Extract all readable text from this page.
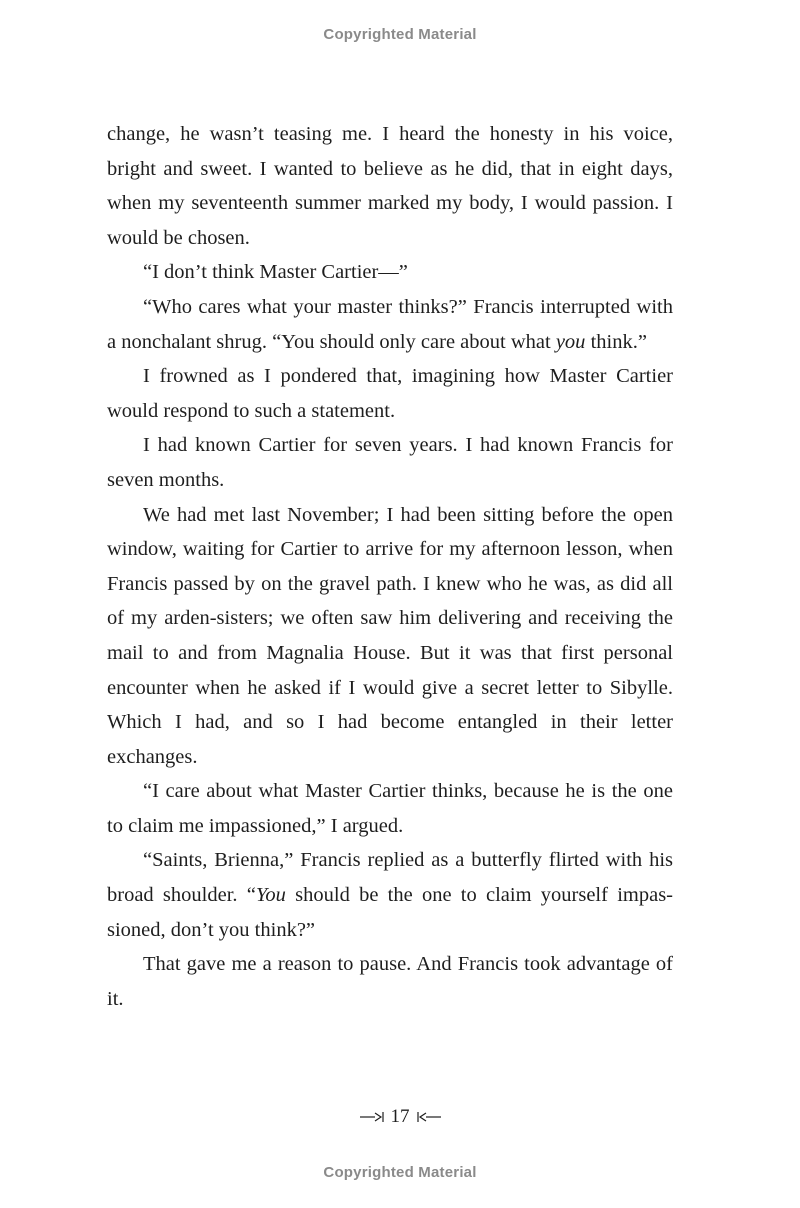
Copyrighted Material

change, he wasn’t teasing me. I heard the honesty in his voice, bright and sweet. I wanted to believe as he did, that in eight days, when my seventeenth summer marked my body, I would passion. I would be chosen.

“I don’t think Master Cartier—”

“Who cares what your master thinks?” Francis interrupted with a nonchalant shrug. “You should only care about what you think.”

I frowned as I pondered that, imagining how Master Cartier would respond to such a statement.

I had known Cartier for seven years. I had known Francis for seven months.

We had met last November; I had been sitting before the open window, waiting for Cartier to arrive for my afternoon lesson, when Francis passed by on the gravel path. I knew who he was, as did all of my arden-sisters; we often saw him delivering and receiving the mail to and from Magnalia House. But it was that first personal encounter when he asked if I would give a secret letter to Sibylle. Which I had, and so I had become entangled in their letter exchanges.

“I care about what Master Cartier thinks, because he is the one to claim me impassioned,” I argued.

“Saints, Brienna,” Francis replied as a butterfly flirted with his broad shoulder. “You should be the one to claim yourself impassioned, don’t you think?”

That gave me a reason to pause. And Francis took advantage of it.

17
Copyrighted Material
